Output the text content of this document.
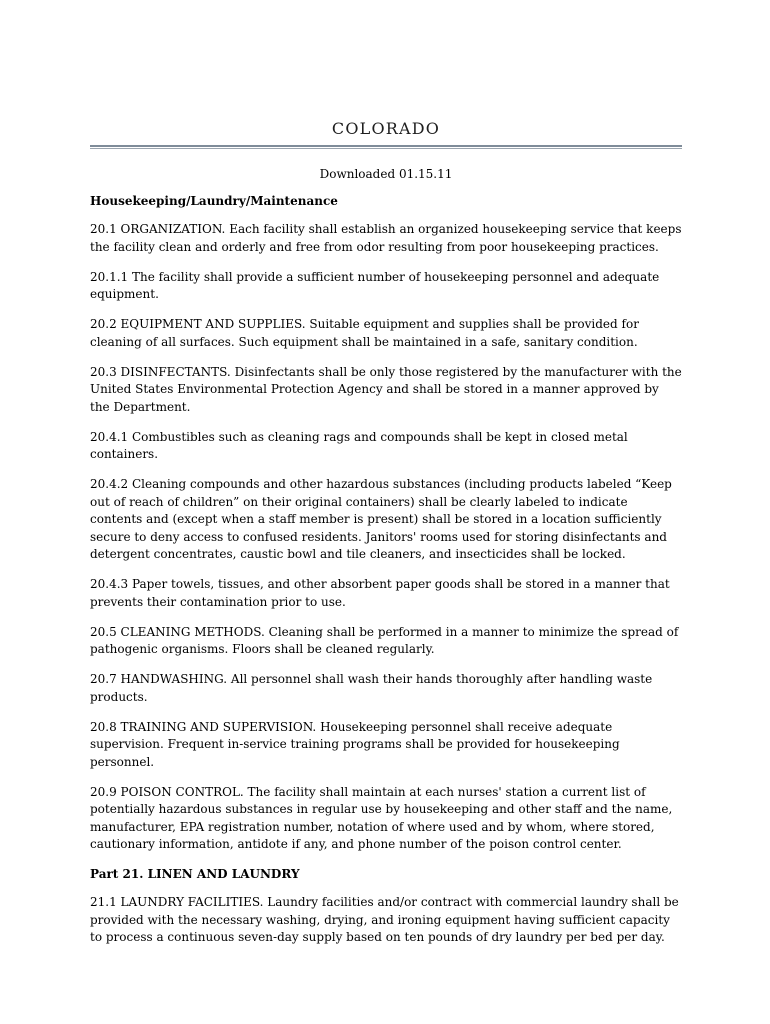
COLORADO
Downloaded 01.15.11
Housekeeping/Laundry/Maintenance
20.1 ORGANIZATION. Each facility shall establish an organized housekeeping service that keeps the facility clean and orderly and free from odor resulting from poor housekeeping practices.
20.1.1 The facility shall provide a sufficient number of housekeeping personnel and adequate equipment.
20.2 EQUIPMENT AND SUPPLIES. Suitable equipment and supplies shall be provided for cleaning of all surfaces. Such equipment shall be maintained in a safe, sanitary condition.
20.3 DISINFECTANTS. Disinfectants shall be only those registered by the manufacturer with the United States Environmental Protection Agency and shall be stored in a manner approved by the Department.
20.4.1 Combustibles such as cleaning rags and compounds shall be kept in closed metal containers.
20.4.2 Cleaning compounds and other hazardous substances (including products labeled “Keep out of reach of children” on their original containers) shall be clearly labeled to indicate contents and (except when a staff member is present) shall be stored in a location sufficiently secure to deny access to confused residents. Janitors' rooms used for storing disinfectants and detergent concentrates, caustic bowl and tile cleaners, and insecticides shall be locked.
20.4.3 Paper towels, tissues, and other absorbent paper goods shall be stored in a manner that prevents their contamination prior to use.
20.5 CLEANING METHODS. Cleaning shall be performed in a manner to minimize the spread of pathogenic organisms. Floors shall be cleaned regularly.
20.7 HANDWASHING. All personnel shall wash their hands thoroughly after handling waste products.
20.8 TRAINING AND SUPERVISION. Housekeeping personnel shall receive adequate supervision. Frequent in-service training programs shall be provided for housekeeping personnel.
20.9 POISON CONTROL. The facility shall maintain at each nurses' station a current list of potentially hazardous substances in regular use by housekeeping and other staff and the name, manufacturer, EPA registration number, notation of where used and by whom, where stored, cautionary information, antidote if any, and phone number of the poison control center.
Part 21. LINEN AND LAUNDRY
21.1 LAUNDRY FACILITIES. Laundry facilities and/or contract with commercial laundry shall be provided with the necessary washing, drying, and ironing equipment having sufficient capacity to process a continuous seven-day supply based on ten pounds of dry laundry per bed per day.
